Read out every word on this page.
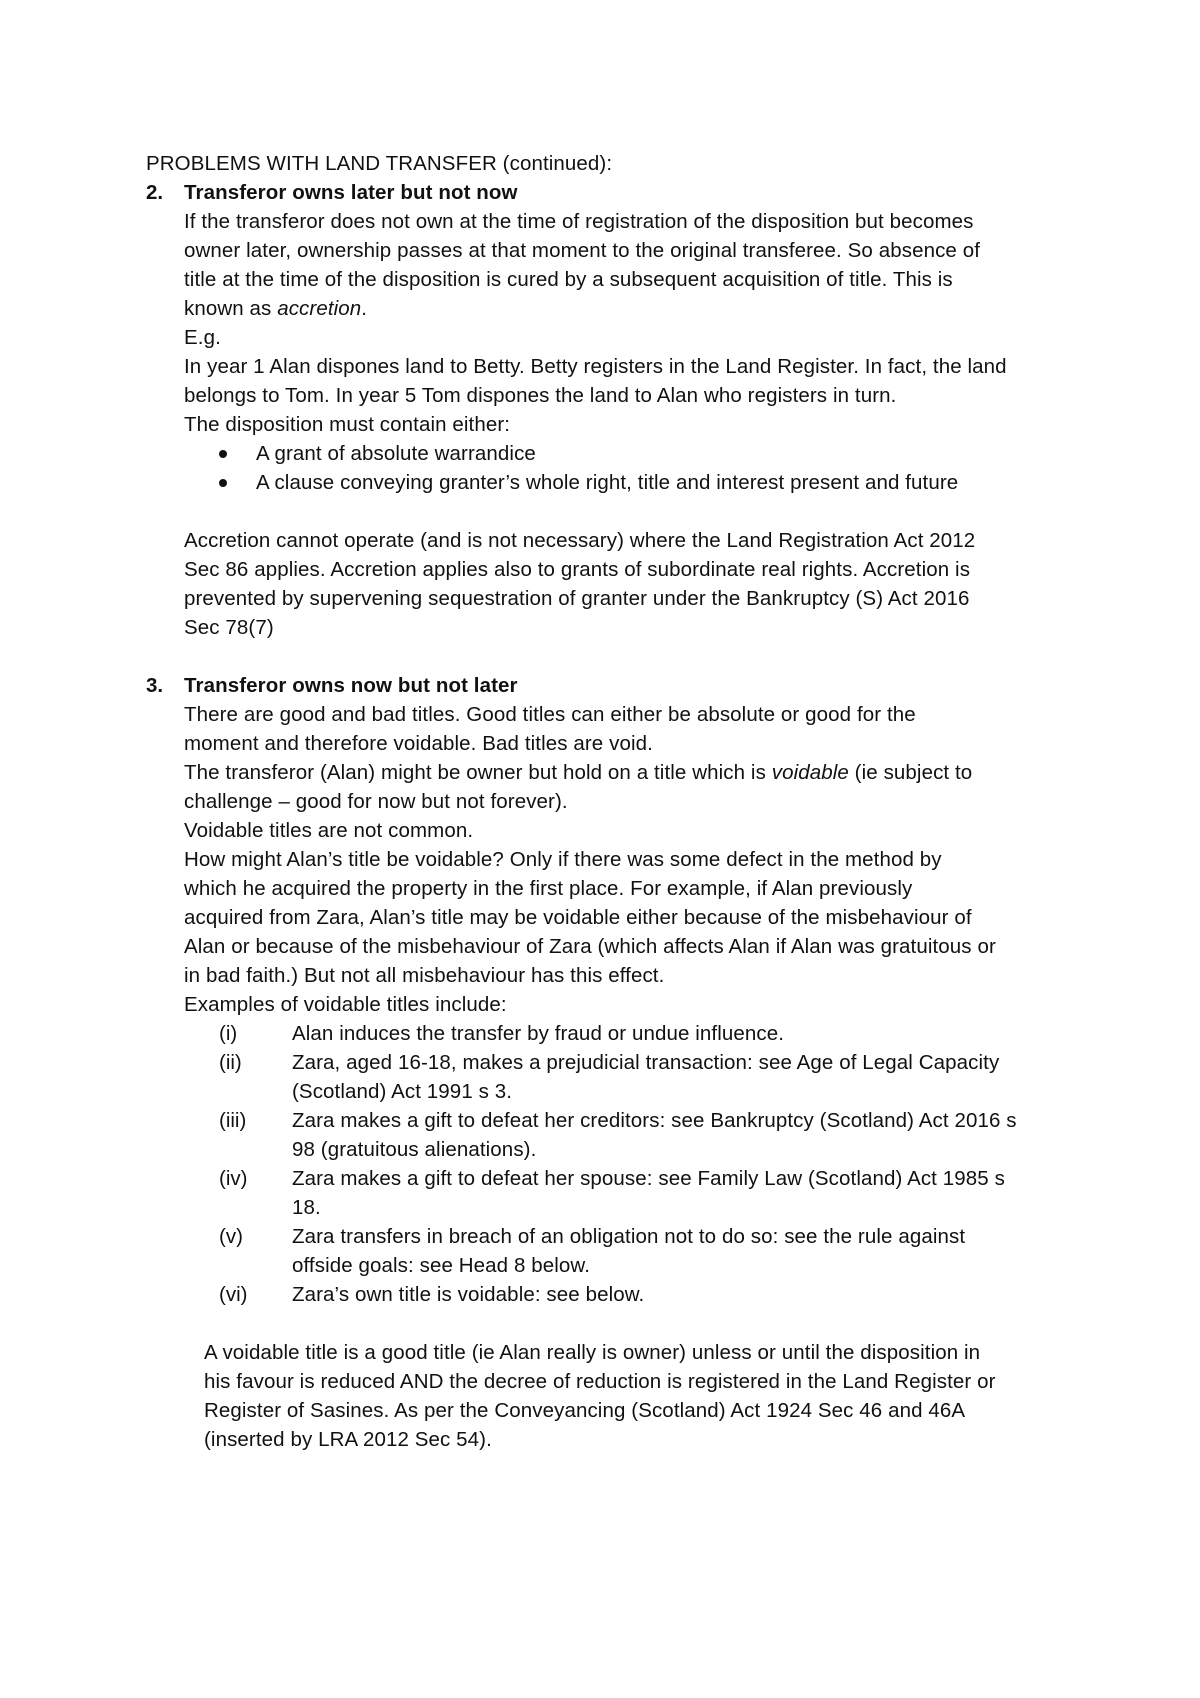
PROBLEMS WITH LAND TRANSFER (continued):
2. Transferor owns later but not now
If the transferor does not own at the time of registration of the disposition but becomes
owner later, ownership passes at that moment to the original transferee. So absence of
title at the time of the disposition is cured by a subsequent acquisition of title. This is
known as accretion.
E.g.
In year 1 Alan dispones land to Betty. Betty registers in the Land Register. In fact, the land
belongs to Tom. In year 5 Tom dispones the land to Alan who registers in turn.
The disposition must contain either:
A grant of absolute warrandice
A clause conveying granter’s whole right, title and interest present and future
Accretion cannot operate (and is not necessary) where the Land Registration Act 2012
Sec 86 applies. Accretion applies also to grants of subordinate real rights. Accretion is
prevented by supervening sequestration of granter under the Bankruptcy (S) Act 2016
Sec 78(7)
3. Transferor owns now but not later
There are good and bad titles. Good titles can either be absolute or good for the
moment and therefore voidable. Bad titles are void.
The transferor (Alan) might be owner but hold on a title which is voidable (ie subject to
challenge – good for now but not forever).
Voidable titles are not common.
How might Alan’s title be voidable? Only if there was some defect in the method by
which he acquired the property in the first place. For example, if Alan previously
acquired from Zara, Alan’s title may be voidable either because of the misbehaviour of
Alan or because of the misbehaviour of Zara (which affects Alan if Alan was gratuitous or
in bad faith.) But not all misbehaviour has this effect.
Examples of voidable titles include:
(i)	Alan induces the transfer by fraud or undue influence.
(ii) Zara, aged 16-18, makes a prejudicial transaction: see Age of Legal Capacity
(Scotland) Act 1991 s 3.
(iii) Zara makes a gift to defeat her creditors: see Bankruptcy (Scotland) Act 2016 s
98 (gratuitous alienations).
(iv) Zara makes a gift to defeat her spouse: see Family Law (Scotland) Act 1985 s
18.
(v) Zara transfers in breach of an obligation not to do so: see the rule against
offside goals: see Head 8 below.
(vi) Zara’s own title is voidable: see below.
A voidable title is a good title (ie Alan really is owner) unless or until the disposition in
his favour is reduced AND the decree of reduction is registered in the Land Register or
Register of Sasines. As per the Conveyancing (Scotland) Act 1924 Sec 46 and 46A
(inserted by LRA 2012 Sec 54).
